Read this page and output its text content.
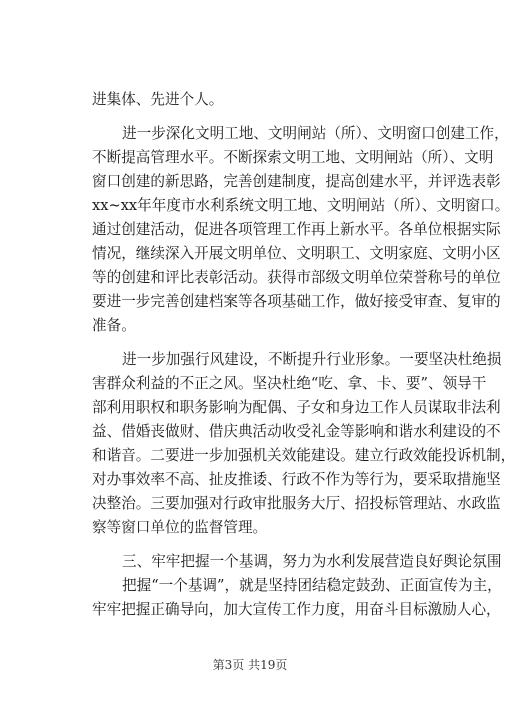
进集体、先进个人。
进一步深化文明工地、文明闸站（所）、文明窗口创建工作，
不断提高管理水平。不断探索文明工地、文明闸站（所）、文明
窗口创建的新思路，完善创建制度，提高创建水平，并评选表彰
xx~xx年年度市水利系统文明工地、文明闸站（所）、文明窗口。
通过创建活动，促进各项管理工作再上新水平。各单位根据实际
情况，继续深入开展文明单位、文明职工、文明家庭、文明小区
等的创建和评比表彰活动。获得市部级文明单位荣誉称号的单位
要进一步完善创建档案等各项基础工作，做好接受审查、复审的
准备。
进一步加强行风建设，不断提升行业形象。一要坚决杜绝损
害群众利益的不正之风。坚决杜绝“吃、拿、卡、要”、领导干
部利用职权和职务影响为配偶、子女和身边工作人员谋取非法利
益、借婚丧做财、借庆典活动收受礼金等影响和谐水利建设的不
和谐音。二要进一步加强机关效能建设。建立行政效能投诉机制，
对办事效率不高、扯皮推诿、行政不作为等行为，要采取措施坚
决整治。三要加强对行政审批服务大厅、招投标管理站、水政监
察等窗口单位的监督管理。
三、牢牢把握一个基调，努力为水利发展营造良好舆论氛围
把握“一个基调”，就是坚持团结稳定鼓劲、正面宣传为主，
牢牢把握正确导向，加大宣传工作力度，用奋斗目标激励人心，
第3页 共19页
